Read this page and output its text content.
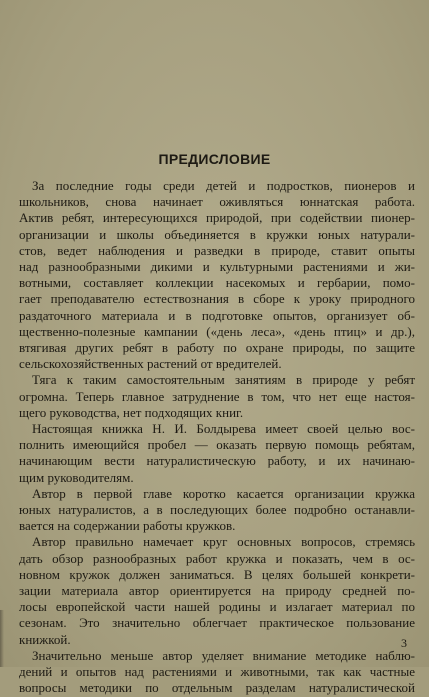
ПРЕДИСЛОВИЕ

За последние годы среди детей и подростков, пионеров и
школьников, снова начинает оживляться юннатская работа.
Актив ребят, интересующихся природой, при содействии пионер-
организации и школы объединяется в кружки юных натурали-
стов, ведет наблюдения и разведки в природе, ставит опыты
над разнообразными дикими и культурными растениями и жи-
вотными, составляет коллекции насекомых и гербарии, помо-
гает преподавателю естествознания в сборе к уроку природного
раздаточного материала и в подготовке опытов, организует об-
щественно-полезные кампании («день леса», «день птиц» и др.),
втягивая других ребят в работу по охране природы, по защите
сельскохозяйственных растений от вредителей.

Тяга к таким самостоятельным занятиям в природе у ребят
огромна. Теперь главное затруднение в том, что нет еще настоя-
щего руководства, нет подходящих книг.

Настоящая книжка Н. И. Болдырева имеет своей целью вос-
полнить имеющийся пробел — оказать первую помощь ребятам,
начинающим вести натуралистическую работу, и их начинаю-
щим руководителям.

Автор в первой главе коротко касается организации кружка
юных натуралистов, а в последующих более подробно останавли-
вается на содержании работы кружков.

Автор правильно намечает круг основных вопросов, стремясь
дать обзор разнообразных работ кружка и показать, чем в ос-
новном кружок должен заниматься. В целях большей конкрети-
зации материала автор ориентируется на природу средней по-
лосы европейской части нашей родины и излагает материал по
сезонам. Это значительно облегчает практическое пользование
книжкой.

Значительно меньше автор уделяет внимание методике наблю-
дений и опытов над растениями и животными, так как частные
вопросы методики по отдельным разделам натуралистической

3
